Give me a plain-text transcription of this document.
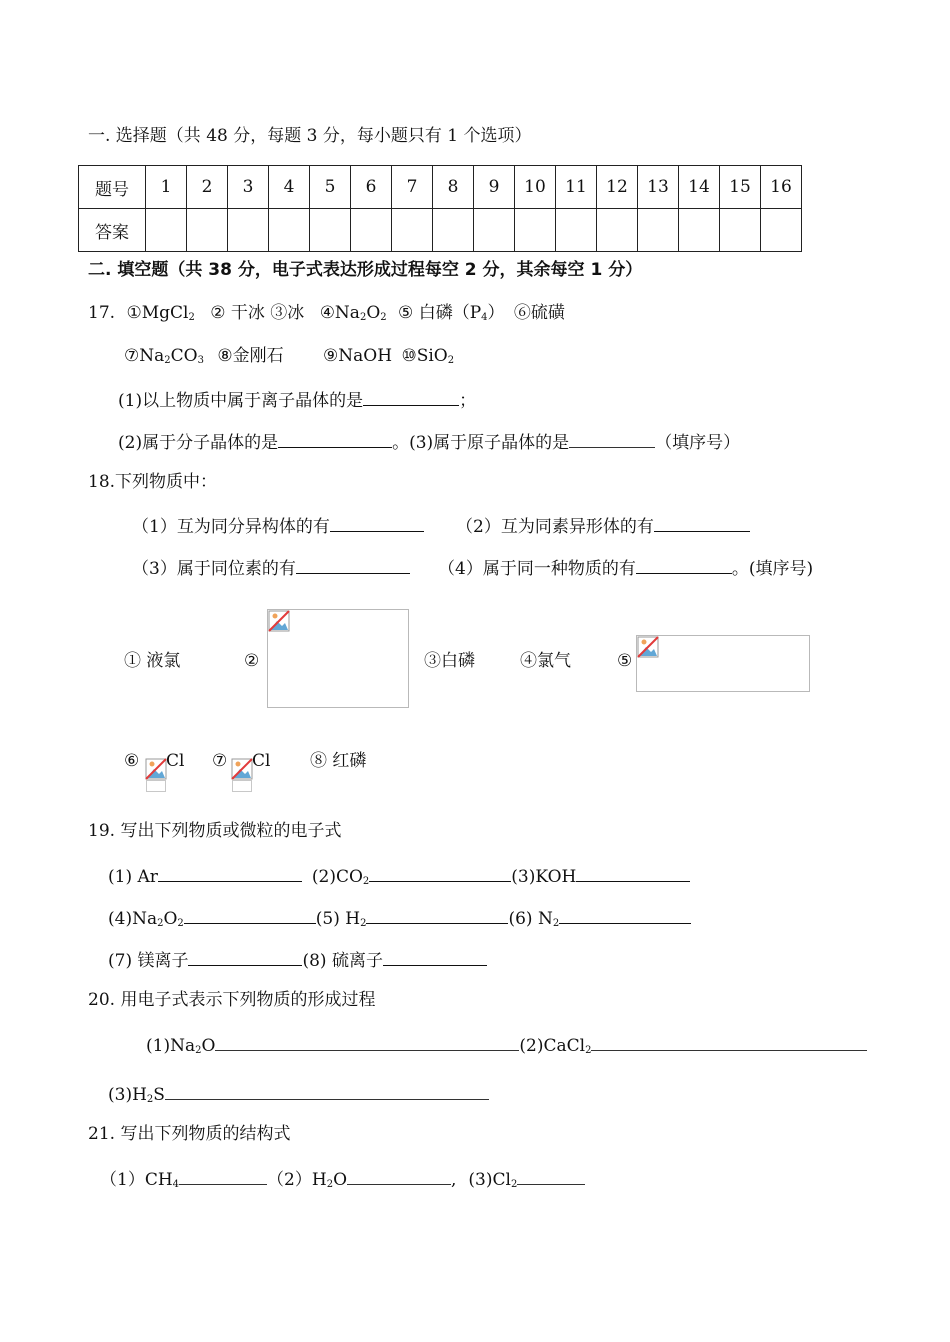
一. 选择题（共 48 分，每题 3 分，每小题只有 1 个选项）
题号	1	2	3	4	5	6	7	8	9	10	11	12	13	14	15	16
答案																
二. 填空题（共 38 分，电子式表达形成过程每空 2 分，其余每空 1 分）
17. ①MgCl$_2$ ② 干冰 ③冰 $④Na_2O_2$ ⑤ 白磷$(P_4)$ ⑥硫磺
$⑦Na_2CO_3$ ⑧金刚石 ⑨NaOH ⑩SiO$_2$
(1)以上物质中属于离子晶体的是	；
(2)属于分子晶体的是	。(3)属于原子晶体的是	（填序号）
18.下列物质中：
（1）互为同分异构体的有	（2）互为同素异形体的有
（3）属于同位素的有	（4）属于同一种物质的有	。(填序号)
① 液氯	②	③白磷	④氯气	⑤
⑥ Cl ⑦ Cl ⑧ 红磷
19. 写出下列物质或微粒的电子式
(1) Ar	$(2)CO_2$	(3)KOH
$(4)Na_2O_2$	(5) $H_2$	(6) $N_2$
(7) 镁离子	(8) 硫离子
20. 用电子式表示下列物质的形成过程
$(1)Na_2O$	(2)CaCl$_2$
$(3)H_2S$
21. 写出下列物质的结构式
$(1)CH_4$	$(2)H_2O$	, $(3)Cl_2$
